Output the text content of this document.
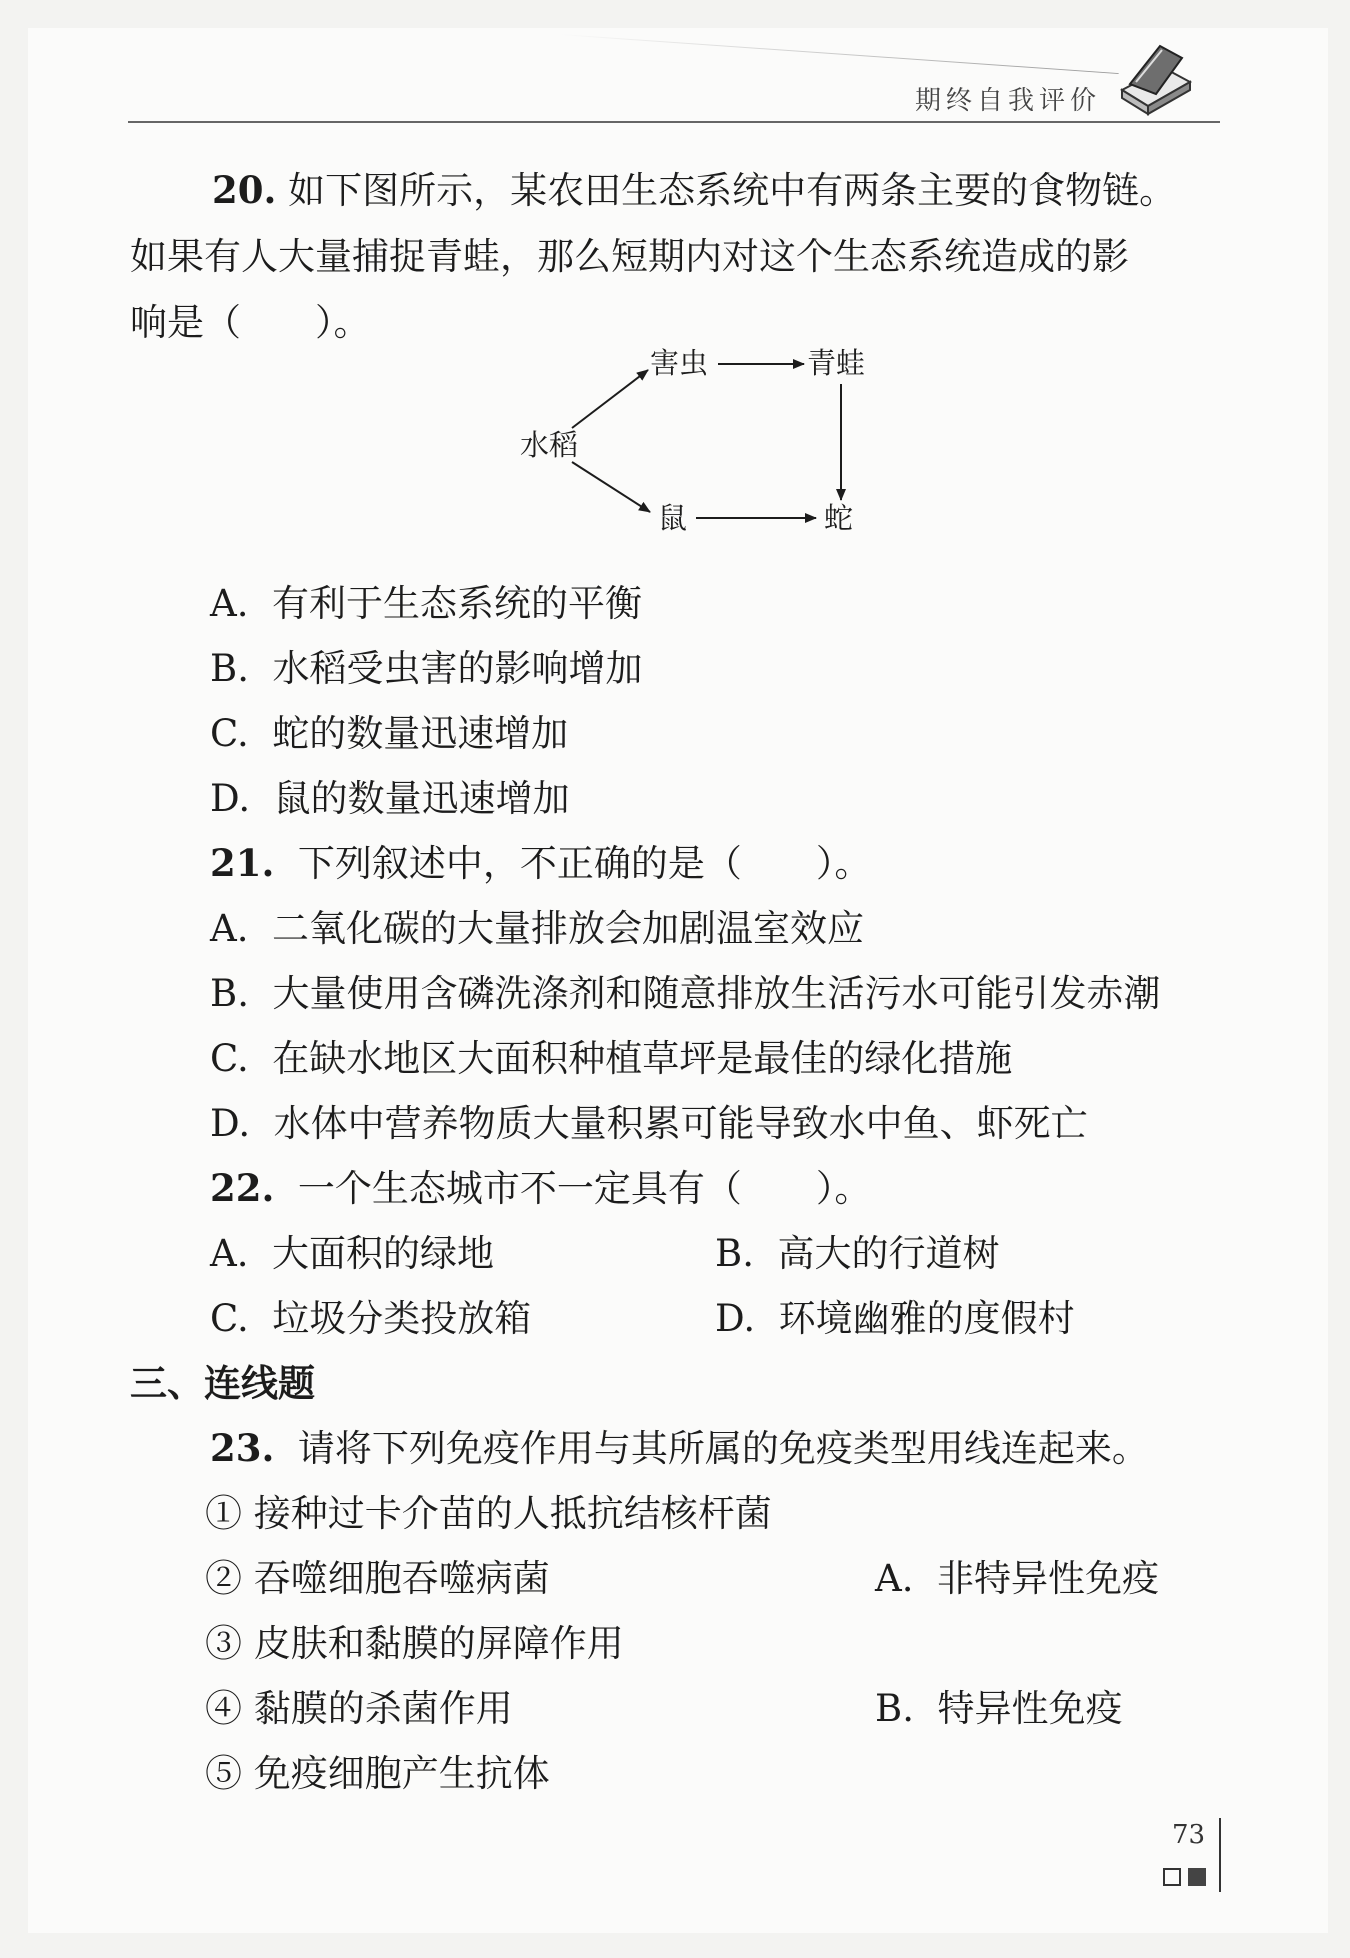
期终自我评价
20. 如下图所示，某农田生态系统中有两条主要的食物链。
如果有人大量捕捉青蛙，那么短期内对这个生态系统造成的影
响是（　　）。
水稻
害虫	青蛙
鼠	蛇
A. 有利于生态系统的平衡
B. 水稻受虫害的影响增加
C. 蛇的数量迅速增加
D. 鼠的数量迅速增加
21. 下列叙述中，不正确的是（　　）。
A. 二氧化碳的大量排放会加剧温室效应
B. 大量使用含磷洗涤剂和随意排放生活污水可能引发赤潮
C. 在缺水地区大面积种植草坪是最佳的绿化措施
D. 水体中营养物质大量积累可能导致水中鱼、虾死亡
22. 一个生态城市不一定具有（　　）。
A. 大面积的绿地	B. 高大的行道树
C. 垃圾分类投放箱	D. 环境幽雅的度假村
三、连线题
23. 请将下列免疫作用与其所属的免疫类型用线连起来。
① 接种过卡介苗的人抵抗结核杆菌
② 吞噬细胞吞噬病菌
③ 皮肤和黏膜的屏障作用
④ 黏膜的杀菌作用
⑤ 免疫细胞产生抗体
A. 非特异性免疫
B. 特异性免疫
73
